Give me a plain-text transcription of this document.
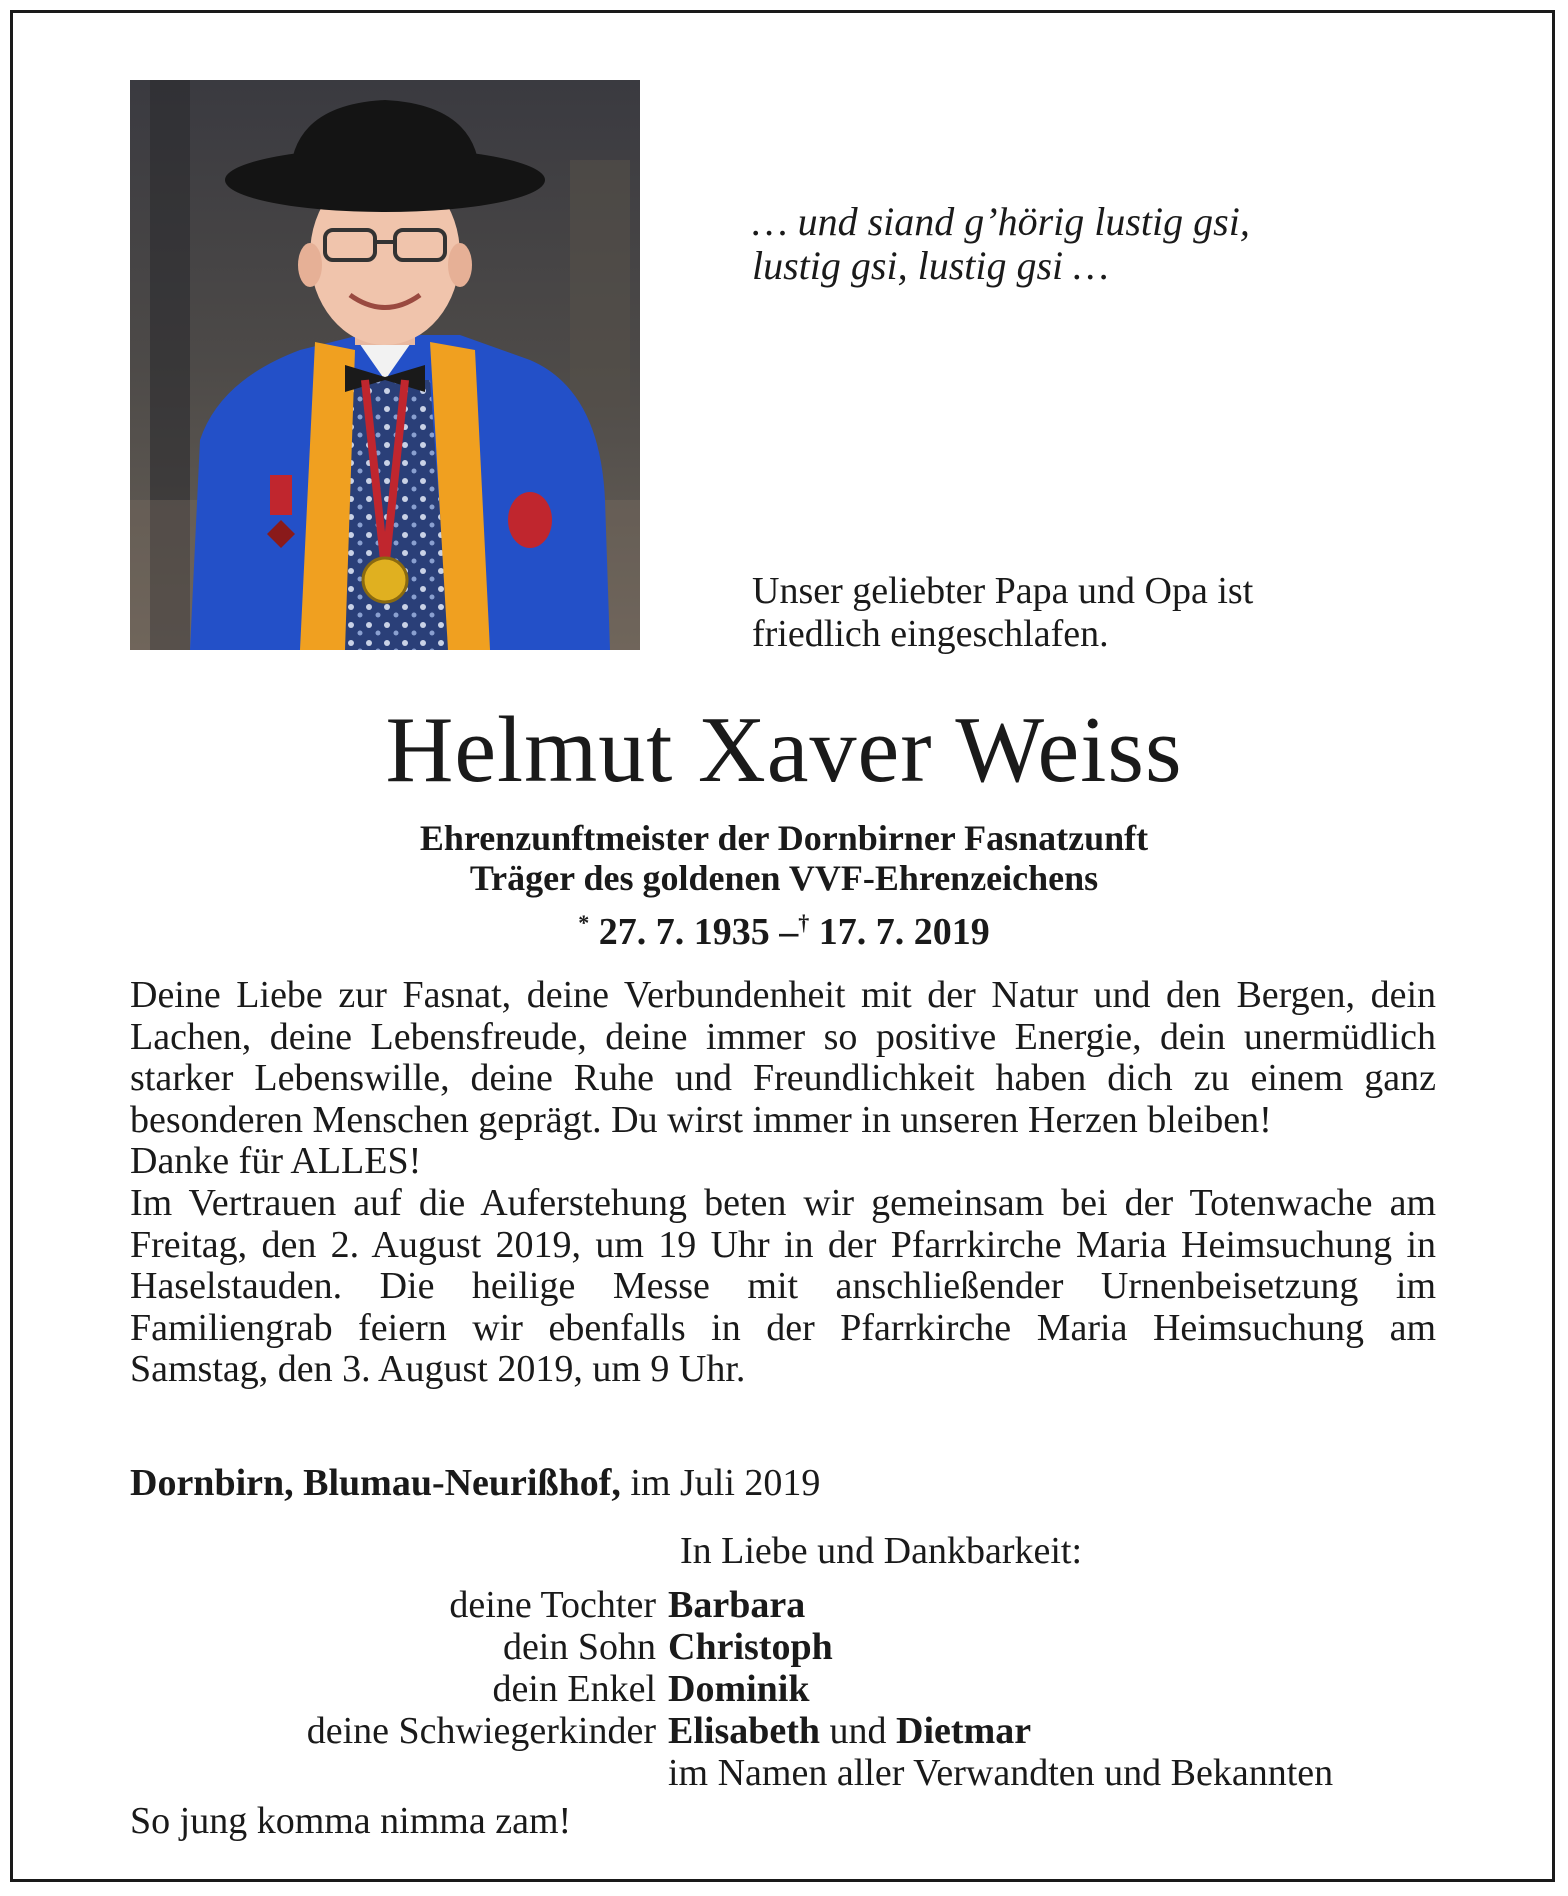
… und siand g’hörig lustig gsi,
lustig gsi, lustig gsi …
Unser geliebter Papa und Opa ist
friedlich eingeschlafen.
Helmut Xaver Weiss
Ehrenzunftmeister der Dornbirner Fasnatzunft
Träger des goldenen VVF-Ehrenzeichens
* 27. 7. 1935 –† 17. 7. 2019

Deine Liebe zur Fasnat, deine Verbundenheit mit der Natur und den Bergen, dein Lachen, deine Lebensfreude, deine immer so positive Energie, dein unermüdlich starker Lebenswille, deine Ruhe und Freundlichkeit haben dich zu einem ganz besonderen Menschen geprägt. Du wirst immer in unseren Herzen bleiben!

Danke für ALLES!

Im Vertrauen auf die Auferstehung beten wir gemeinsam bei der Totenwache am Freitag, den 2. August 2019, um 19 Uhr in der Pfarrkirche Maria Heimsuchung in Haselstauden. Die heilige Messe mit anschließender Urnenbeisetzung im Familiengrab feiern wir ebenfalls in der Pfarrkirche Maria Heimsuchung am Samstag, den 3. August 2019, um 9 Uhr.

Dornbirn, Blumau-Neurißhof, im Juli 2019
In Liebe und Dankbarkeit:
deine Tochter Barbara
dein Sohn Christoph
dein Enkel Dominik
deine Schwiegerkinder Elisabeth und Dietmar
im Namen aller Verwandten und Bekannten
So jung komma nimma zam!
